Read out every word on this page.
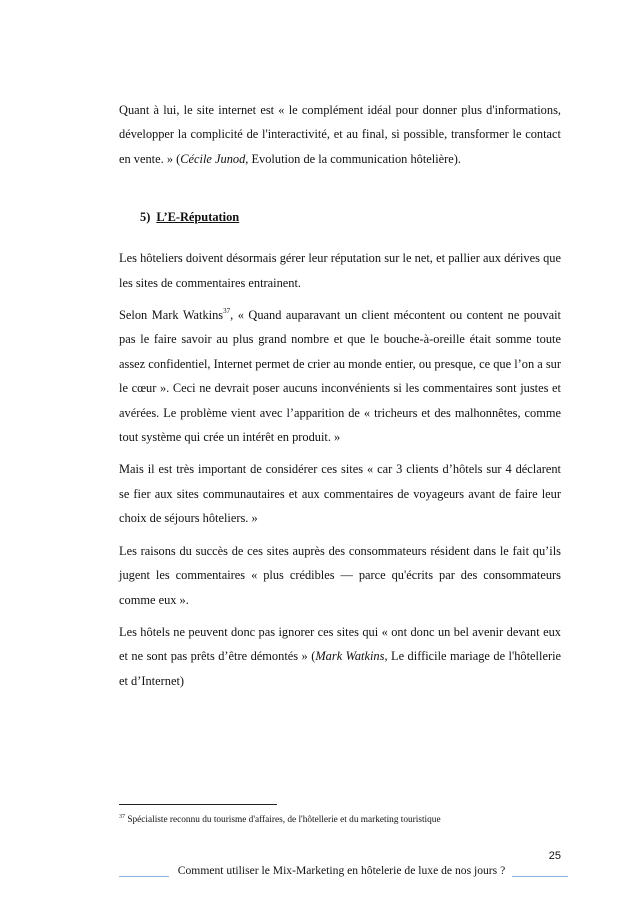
Quant à lui, le site internet est « le complément idéal pour donner plus d'informations, développer la complicité de l'interactivité, et au final, si possible, transformer le contact en vente. » (Cécile Junod, Evolution de la communication hôtelière).

5) L’E-Réputation

Les hôteliers doivent désormais gérer leur réputation sur le net, et pallier aux dérives que les sites de commentaires entrainent.

Selon Mark Watkins$^{37}$, « Quand auparavant un client mécontent ou content ne pouvait pas le faire savoir au plus grand nombre et que le bouche-à-oreille était somme toute assez confidentiel, Internet permet de crier au monde entier, ou presque, ce que l’on a sur le cœur ». Ceci ne devrait poser aucuns inconvénients si les commentaires sont justes et avérées. Le problème vient avec l’apparition de « tricheurs et des malhonnêtes, comme tout système qui crée un intérêt en produit. »

Mais il est très important de considérer ces sites « car 3 clients d’hôtels sur 4 déclarent se fier aux sites communautaires et aux commentaires de voyageurs avant de faire leur choix de séjours hôteliers. »

Les raisons du succès de ces sites auprès des consommateurs résident dans le fait qu’ils jugent les commentaires « plus crédibles — parce qu'écrits par des consommateurs comme eux ».

Les hôtels ne peuvent donc pas ignorer ces sites qui « ont donc un bel avenir devant eux et ne sont pas prêts d’être démontés » (Mark Watkins, Le difficile mariage de l'hôtellerie et d’Internet)

$^{37}$ Spécialiste reconnu du tourisme d'affaires, de l'hôtellerie et du marketing touristique
25
Comment utiliser le Mix-Marketing en hôtelerie de luxe de nos jours ?
